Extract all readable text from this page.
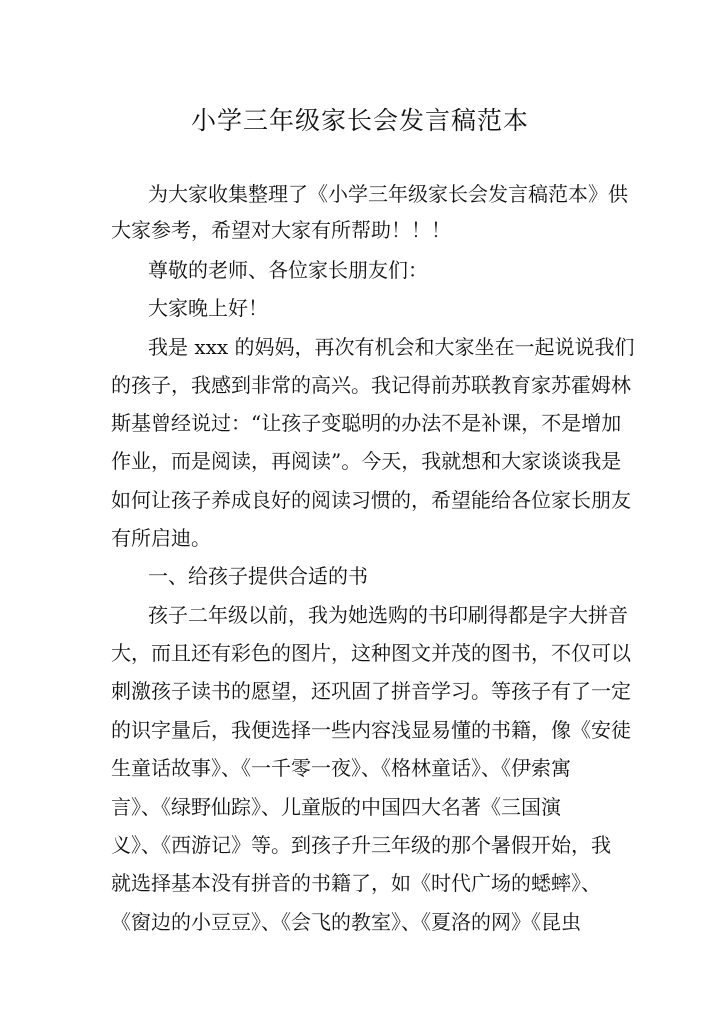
小学三年级家长会发言稿范本
为大家收集整理了《小学三年级家长会发言稿范本》供
大家参考，希望对大家有所帮助！！！
尊敬的老师、各位家长朋友们：
大家晚上好！
我是 xxx 的妈妈，再次有机会和大家坐在一起说说我们
的孩子，我感到非常的高兴。我记得前苏联教育家苏霍姆林
斯基曾经说过：“让孩子变聪明的办法不是补课，不是增加
作业，而是阅读，再阅读”。今天，我就想和大家谈谈我是
如何让孩子养成良好的阅读习惯的，希望能给各位家长朋友
有所启迪。
一、给孩子提供合适的书
孩子二年级以前，我为她选购的书印刷得都是字大拼音
大，而且还有彩色的图片，这种图文并茂的图书，不仅可以
刺激孩子读书的愿望，还巩固了拼音学习。等孩子有了一定
的识字量后，我便选择一些内容浅显易懂的书籍，像《安徒
生童话故事》、《一千零一夜》、《格林童话》、《伊索寓
言》、《绿野仙踪》、儿童版的中国四大名著《三国演
义》、《西游记》等。到孩子升三年级的那个暑假开始，我
就选择基本没有拼音的书籍了，如《时代广场的蟋蟀》、
《窗边的小豆豆》、《会飞的教室》、《夏洛的网》《昆虫
